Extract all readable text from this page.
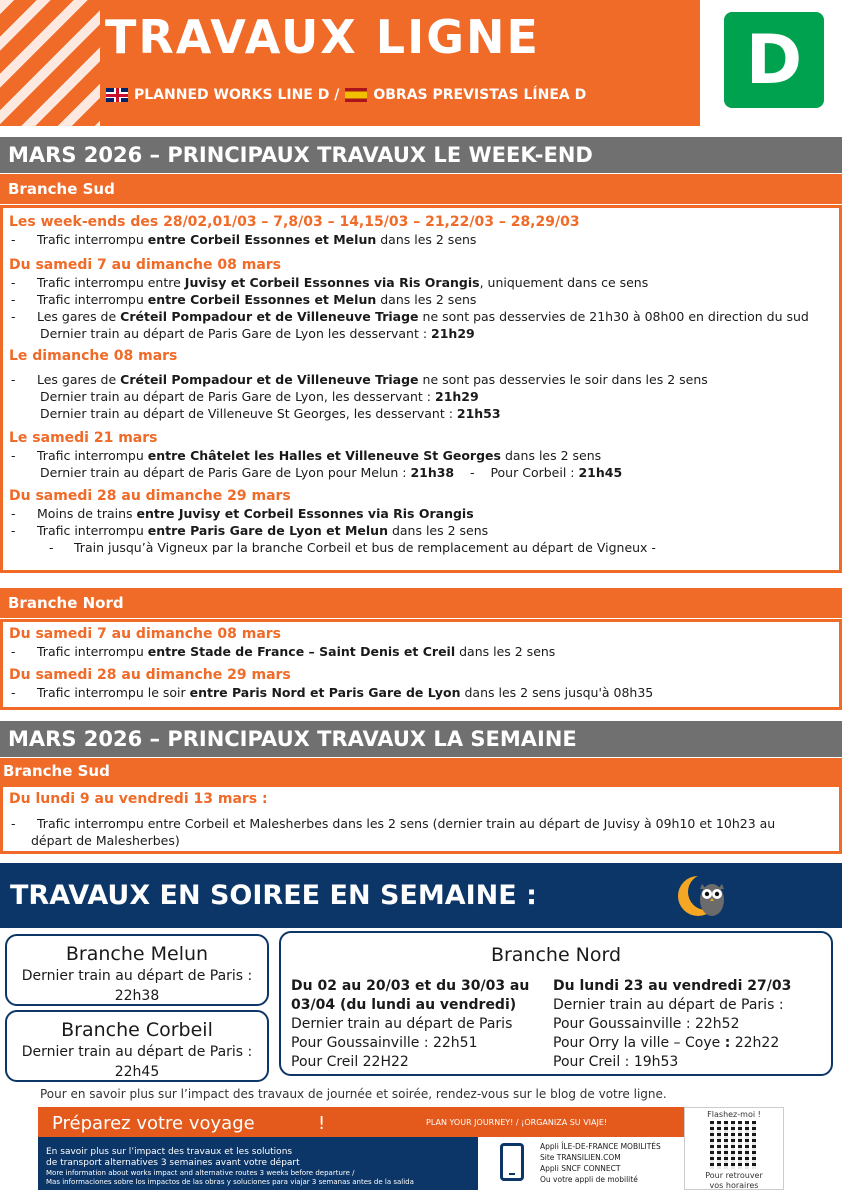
TRAVAUX LIGNE
PLANNED WORKS LINE D / OBRAS PREVISTAS LÍNEA D	D
MARS 2026 – PRINCIPAUX TRAVAUX LE WEEK-END
Branche Sud
Les week-ends des 28/02,01/03 – 7,8/03 – 14,15/03 – 21,22/03 – 28,29/03
- Trafic interrompu entre Corbeil Essonnes et Melun dans les 2 sens
Du samedi 7 au dimanche 08 mars
- Trafic interrompu entre Juvisy et Corbeil Essonnes via Ris Orangis, uniquement dans ce sens
- Trafic interrompu entre Corbeil Essonnes et Melun dans les 2 sens
- Les gares de Créteil Pompadour et de Villeneuve Triage ne sont pas desservies de 21h30 à 08h00 en direction du sud
Dernier train au départ de Paris Gare de Lyon les desservant : 21h29
Le dimanche 08 mars
- Les gares de Créteil Pompadour et de Villeneuve Triage ne sont pas desservies le soir dans les 2 sens
Dernier train au départ de Paris Gare de Lyon, les desservant : 21h29
Dernier train au départ de Villeneuve St Georges, les desservant : 21h53
Le samedi 21 mars
- Trafic interrompu entre Châtelet les Halles et Villeneuve St Georges dans les 2 sens
Dernier train au départ de Paris Gare de Lyon pour Melun : 21h38    -    Pour Corbeil : 21h45
Du samedi 28 au dimanche 29 mars
- Moins de trains entre Juvisy et Corbeil Essonnes via Ris Orangis
- Trafic interrompu entre Paris Gare de Lyon et Melun dans les 2 sens
- Train jusqu’à Vigneux par la branche Corbeil et bus de remplacement au départ de Vigneux -
Branche Nord
Du samedi 7 au dimanche 08 mars
- Trafic interrompu entre Stade de France – Saint Denis et Creil dans les 2 sens
Du samedi 28 au dimanche 29 mars
- Trafic interrompu le soir entre Paris Nord et Paris Gare de Lyon dans les 2 sens jusqu'à 08h35
MARS 2026 – PRINCIPAUX TRAVAUX LA SEMAINE
Branche Sud
Du lundi 9 au vendredi 13 mars :
- Trafic interrompu entre Corbeil et Malesherbes dans les 2 sens (dernier train au départ de Juvisy à 09h10 et 10h23 au
départ de Malesherbes)
TRAVAUX EN SOIREE EN SEMAINE :
Branche Melun
Dernier train au départ de Paris :
22h38
Branche Corbeil
Dernier train au départ de Paris :
22h45
Branche Nord
Du 02 au 20/03 et du 30/03 au
03/04 (du lundi au vendredi)
Dernier train au départ de Paris
Pour Goussainville : 22h51
Pour Creil 22H22
Du lundi 23 au vendredi 27/03
Dernier train au départ de Paris :
Pour Goussainville : 22h52
Pour Orry la ville – Coye : 22h22
Pour Creil : 19h53
Pour en savoir plus sur l’impact des travaux de journée et soirée, rendez-vous sur le blog de votre ligne.
Préparez votre voyage	!	PLAN YOUR JOURNEY! / ¡ORGANIZA SU VIAJE!
En savoir plus sur l’impact des travaux et les solutions
de transport alternatives 3 semaines avant votre départ
More information about works impact and alternative routes 3 weeks before departure /
Mas informaciones sobre los impactos de las obras y soluciones para viajar 3 semanas antes de la salida
Appli ÎLE-DE-FRANCE MOBILITÉS
Site TRANSILIEN.COM
Appli SNCF CONNECT
Ou votre appli de mobilité
Flashez-moi !
Pour retrouver
vos horaires
